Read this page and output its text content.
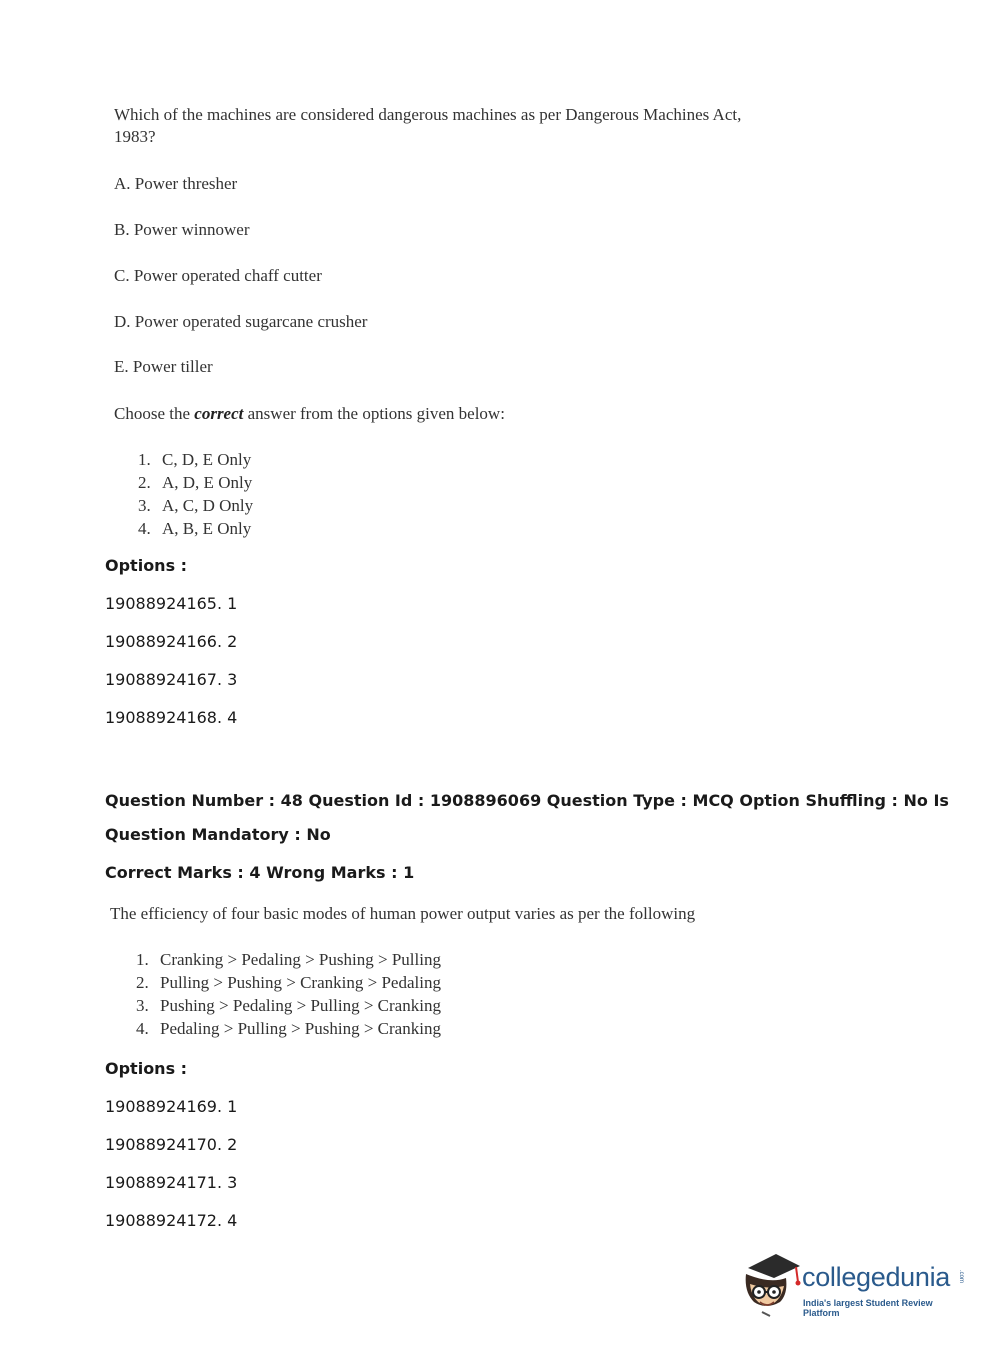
Which of the machines are considered dangerous machines as per Dangerous Machines Act, 1983?
A. Power thresher
B. Power winnower
C. Power operated chaff cutter
D. Power operated sugarcane crusher
E. Power tiller
Choose the correct answer from the options given below:
1. C, D, E Only
2. A, D, E Only
3. A, C, D Only
4. A, B, E Only
Options :
19088924165. 1
19088924166. 2
19088924167. 3
19088924168. 4
Question Number : 48 Question Id : 1908896069 Question Type : MCQ Option Shuffling : No Is
Question Mandatory : No
Correct Marks : 4 Wrong Marks : 1
The efficiency of four basic modes of human power output varies as per the following
1. Cranking > Pedaling > Pushing > Pulling
2. Pulling > Pushing > Cranking > Pedaling
3. Pushing > Pedaling > Pulling > Cranking
4. Pedaling > Pulling > Pushing > Cranking
Options :
19088924169. 1
19088924170. 2
19088924171. 3
19088924172. 4
collegedunia .com
India's largest Student Review Platform
